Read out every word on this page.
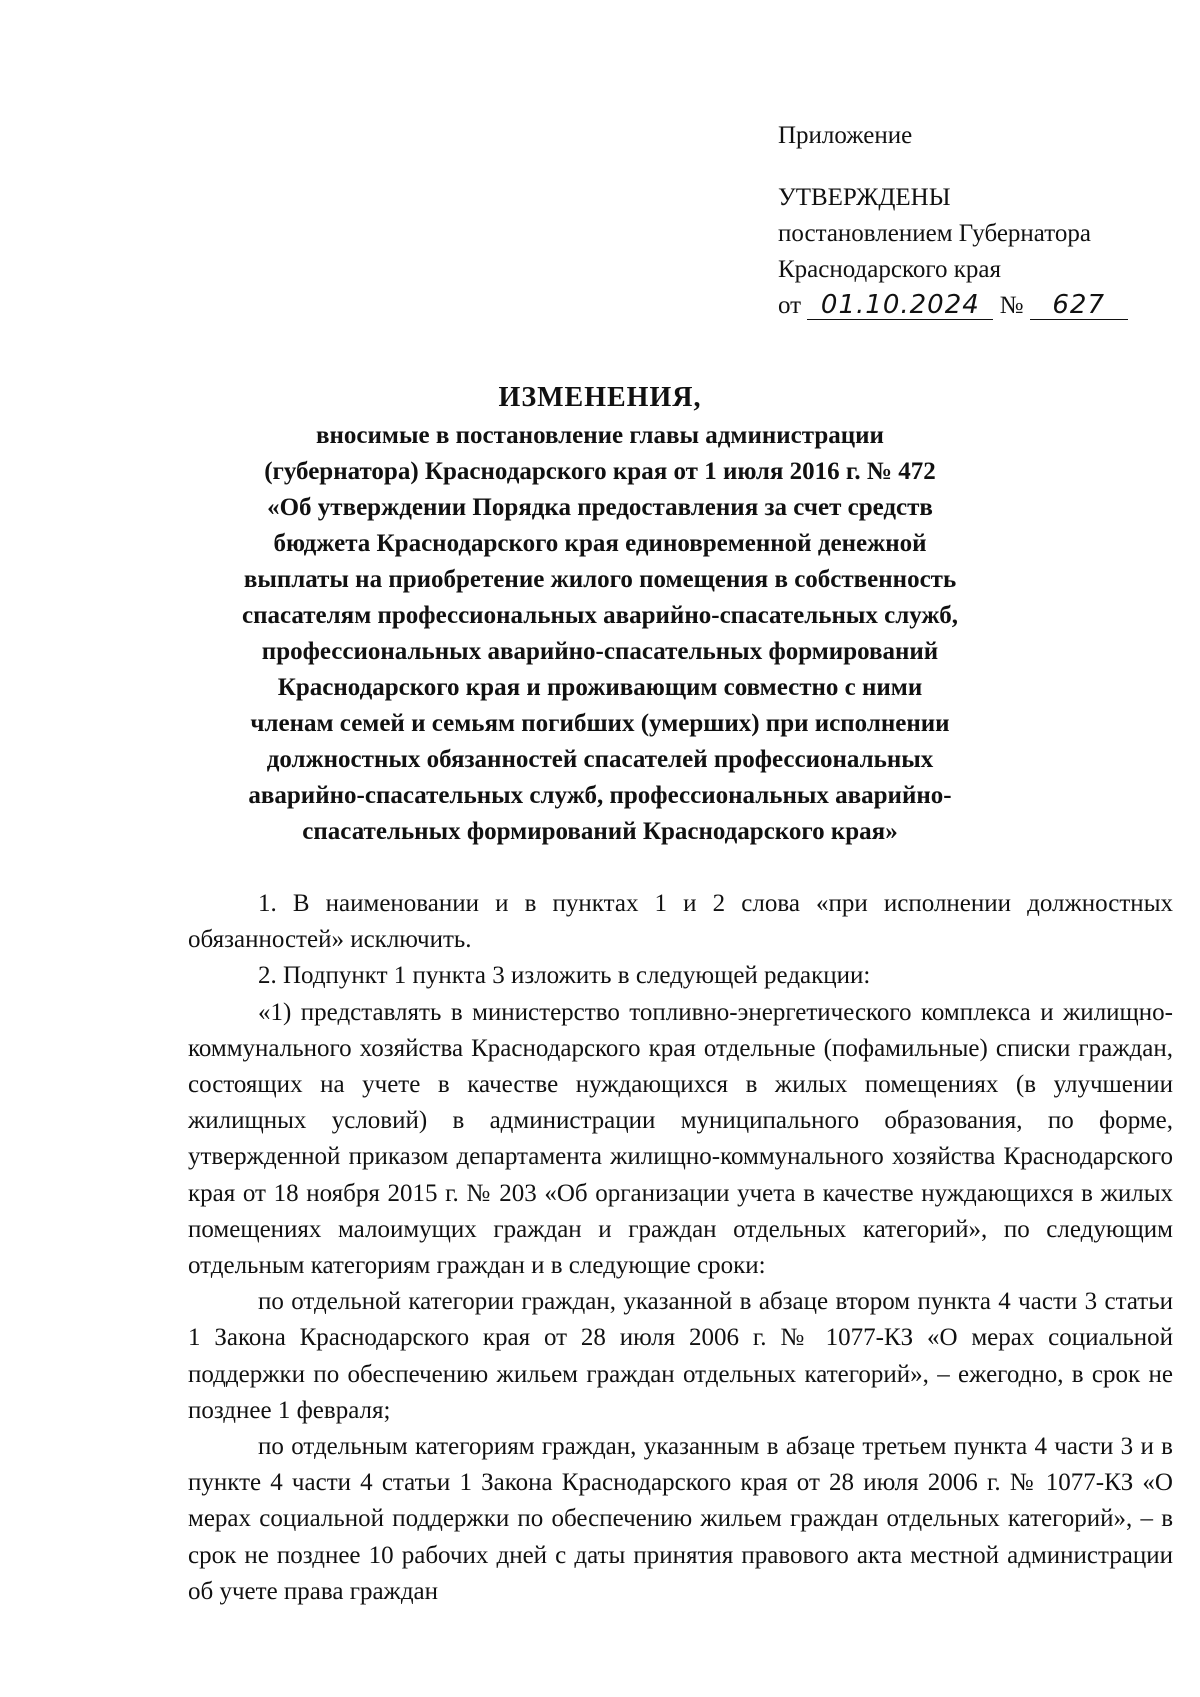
Приложение
УТВЕРЖДЕНЫ
постановлением Губернатора
Краснодарского края
от 01.10.2024 № 627
ИЗМЕНЕНИЯ,
вносимые в постановление главы администрации
(губернатора) Краснодарского края от 1 июля 2016 г. № 472
«Об утверждении Порядка предоставления за счет средств
бюджета Краснодарского края единовременной денежной
выплаты на приобретение жилого помещения в собственность
спасателям профессиональных аварийно-спасательных служб,
профессиональных аварийно-спасательных формирований
Краснодарского края и проживающим совместно с ними
членам семей и семьям погибших (умерших) при исполнении
должностных обязанностей спасателей профессиональных
аварийно-спасательных служб, профессиональных аварийно-
спасательных формирований Краснодарского края»

1. В наименовании и в пунктах 1 и 2 слова «при исполнении должностных обязанностей» исключить.

2. Подпункт 1 пункта 3 изложить в следующей редакции:

«1) представлять в министерство топливно-энергетического комплекса и жилищно-коммунального хозяйства Краснодарского края отдельные (пофамильные) списки граждан, состоящих на учете в качестве нуждающихся в жилых помещениях (в улучшении жилищных условий) в администрации муниципального образования, по форме, утвержденной приказом департамента жилищно-коммунального хозяйства Краснодарского края от 18 ноября 2015 г. № 203 «Об организации учета в качестве нуждающихся в жилых помещениях малоимущих граждан и граждан отдельных категорий», по следующим отдельным категориям граждан и в следующие сроки:

по отдельной категории граждан, указанной в абзаце втором пункта 4 части 3 статьи 1 Закона Краснодарского края от 28 июля 2006 г. № 1077-КЗ «О мерах социальной поддержки по обеспечению жильем граждан отдельных категорий», – ежегодно, в срок не позднее 1 февраля;

по отдельным категориям граждан, указанным в абзаце третьем пункта 4 части 3 и в пункте 4 части 4 статьи 1 Закона Краснодарского края от 28 июля 2006 г. № 1077-КЗ «О мерах социальной поддержки по обеспечению жильем граждан отдельных категорий», – в срок не позднее 10 рабочих дней с даты принятия правового акта местной администрации об учете права граждан
